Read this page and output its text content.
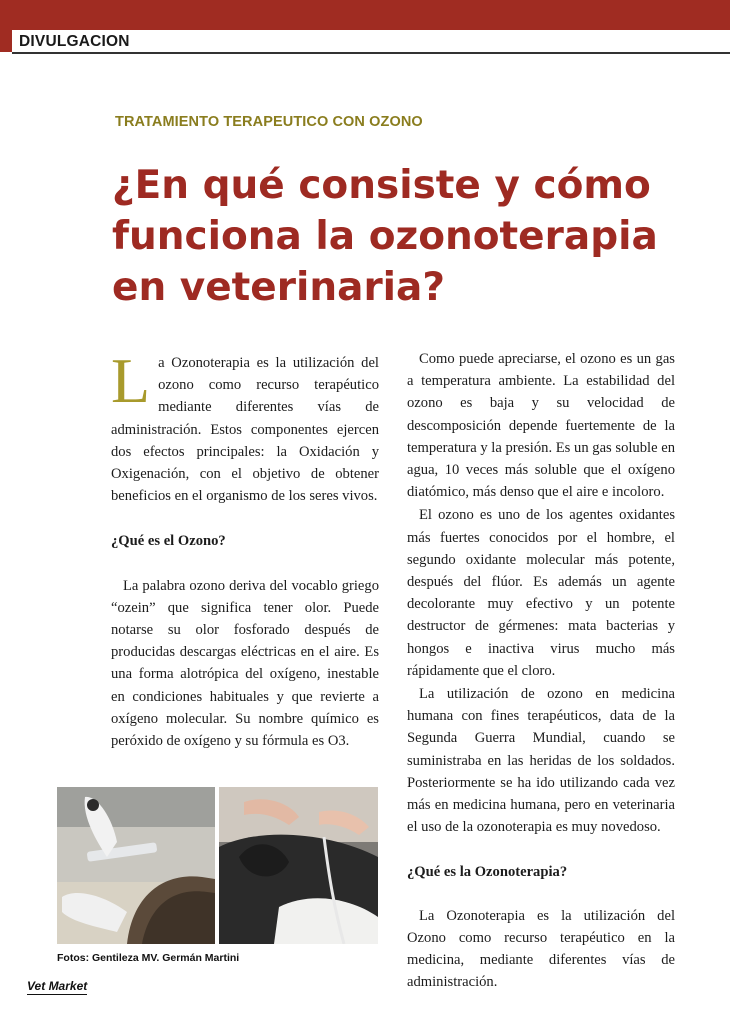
DIVULGACION
TRATAMIENTO TERAPEUTICO CON OZONO
¿En qué consiste y cómo
funciona la ozonoterapia
en veterinaria?

La Ozonoterapia es la utilización del ozono como recurso terapéutico mediante diferentes vías de administración. Estos componentes ejercen dos efectos principales: la Oxidación y Oxigenación, con el objetivo de obtener beneficios en el organismo de los seres vivos.

¿Qué es el Ozono?

La palabra ozono deriva del vocablo griego “ozein” que significa tener olor. Puede notarse su olor fosforado después de producidas descargas eléctricas en el aire. Es una forma alotrópica del oxígeno, inestable en condiciones habituales y que revierte a oxígeno molecular. Su nombre químico es peróxido de oxígeno y su fórmula es O3.

Como puede apreciarse, el ozono es un gas a temperatura ambiente. La estabilidad del ozono es baja y su velocidad de descomposición depende fuertemente de la temperatura y la presión. Es un gas soluble en agua, 10 veces más soluble que el oxígeno diatómico, más denso que el aire e incoloro.

El ozono es uno de los agentes oxidantes más fuertes conocidos por el hombre, el segundo oxidante molecular más potente, después del flúor. Es además un agente decolorante muy efectivo y un potente destructor de gérmenes: mata bacterias y hongos e inactiva virus mucho más rápidamente que el cloro.

La utilización de ozono en medicina humana con fines terapéuticos, data de la Segunda Guerra Mundial, cuando se suministraba en las heridas de los soldados. Posteriormente se ha ido utilizando cada vez más en medicina humana, pero en veterinaria el uso de la ozonoterapia es muy novedoso.

¿Qué es la Ozonoterapia?

La Ozonoterapia es la utilización del Ozono como recurso terapéutico en la medicina, mediante diferentes vías de administración.

Fotos: Gentileza MV. Germán Martini
Vet Market
